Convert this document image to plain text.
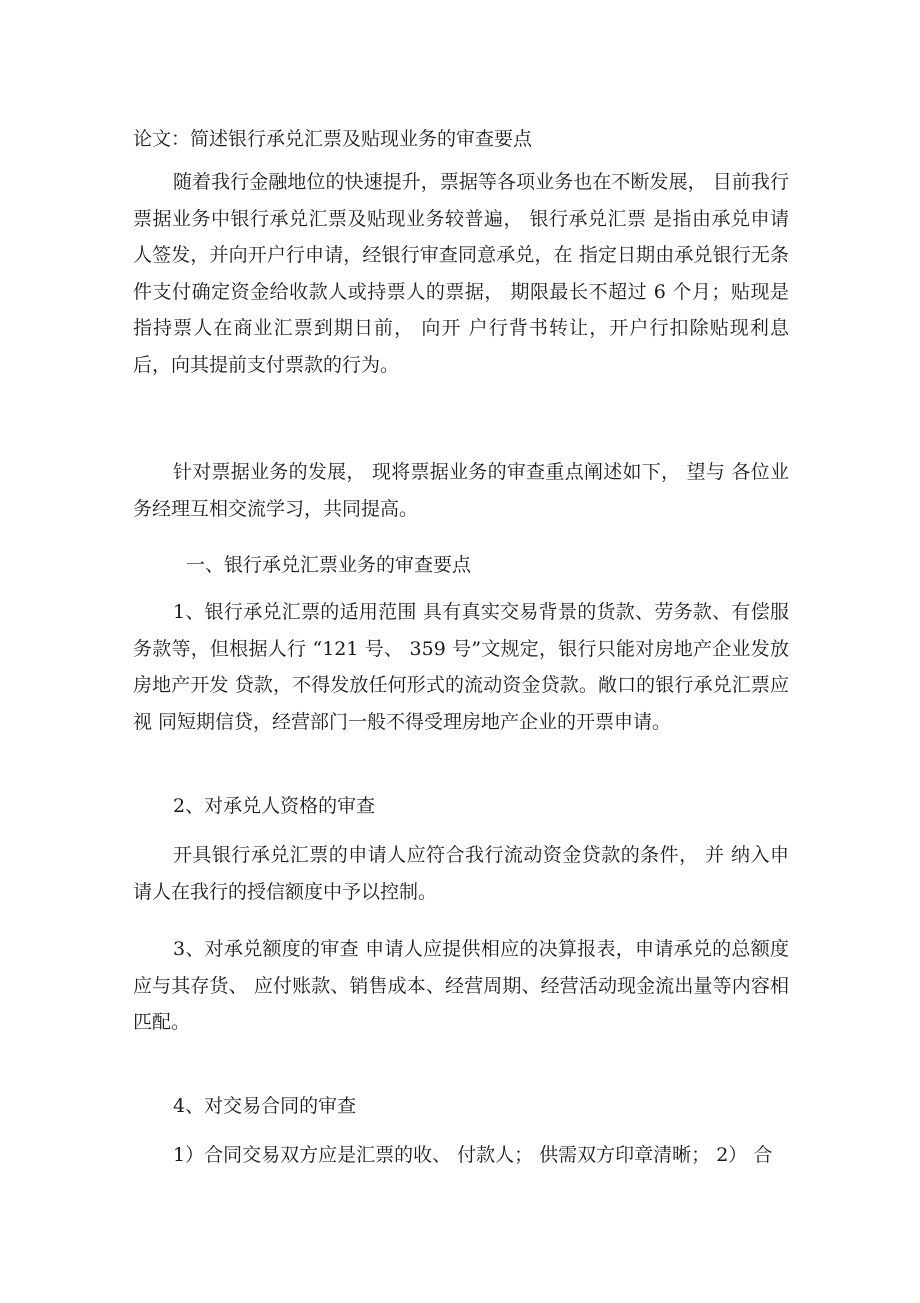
论文：简述银行承兑汇票及贴现业务的审查要点

随着我行金融地位的快速提升，票据等各项业务也在不断发展， 目前我行票据业务中银行承兑汇票及贴现业务较普遍， 银行承兑汇票 是指由承兑申请人签发，并向开户行申请，经银行审查同意承兑，在 指定日期由承兑银行无条件支付确定资金给收款人或持票人的票据， 期限最长不超过 6 个月；贴现是指持票人在商业汇票到期日前， 向开 户行背书转让，开户行扣除贴现利息后，向其提前支付票款的行为。

针对票据业务的发展， 现将票据业务的审查重点阐述如下， 望与 各位业务经理互相交流学习，共同提高。

一、银行承兑汇票业务的审查要点

1、银行承兑汇票的适用范围 具有真实交易背景的货款、劳务款、有偿服务款等，但根据人行 “121 号、 359 号”文规定，银行只能对房地产企业发放房地产开发 贷款，不得发放任何形式的流动资金贷款。敞口的银行承兑汇票应视 同短期信贷，经营部门一般不得受理房地产企业的开票申请。

2、对承兑人资格的审查

开具银行承兑汇票的申请人应符合我行流动资金贷款的条件， 并 纳入申请人在我行的授信额度中予以控制。

3、对承兑额度的审查 申请人应提供相应的决算报表，申请承兑的总额度应与其存货、 应付账款、销售成本、经营周期、经营活动现金流出量等内容相匹配。

4、对交易合同的审查

1）合同交易双方应是汇票的收、 付款人； 供需双方印章清晰； 2） 合
